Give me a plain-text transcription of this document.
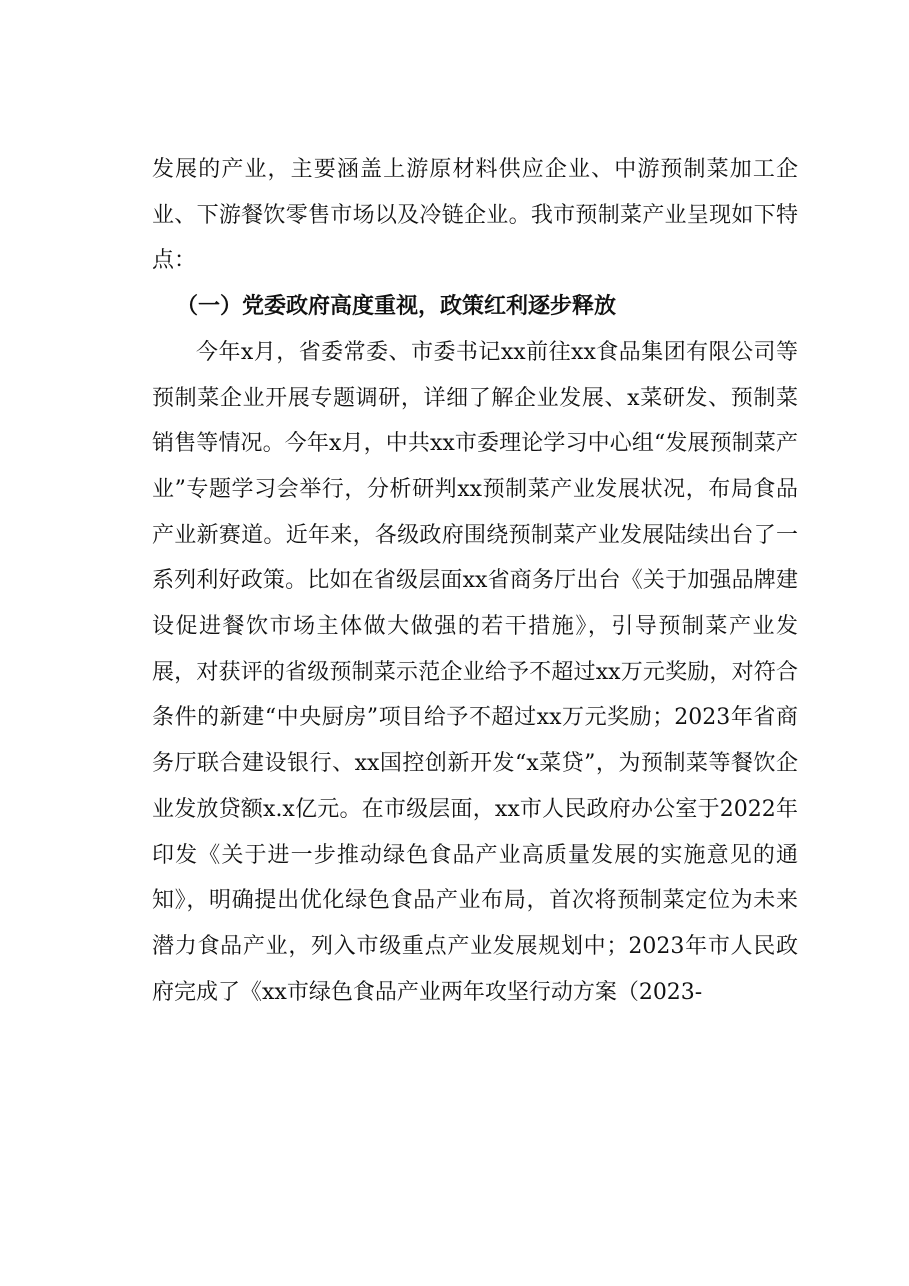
发展的产业，主要涵盖上游原材料供应企业、中游预制菜加工企业、下游餐饮零售市场以及冷链企业。我市预制菜产业呈现如下特点：

（一）党委政府高度重视，政策红利逐步释放

今年x月，省委常委、市委书记xx前往xx食品集团有限公司等预制菜企业开展专题调研，详细了解企业发展、x菜研发、预制菜销售等情况。今年x月，中共xx市委理论学习中心组“发展预制菜产业”专题学习会举行，分析研判xx预制菜产业发展状况，布局食品产业新赛道。近年来，各级政府围绕预制菜产业发展陆续出台了一系列利好政策。比如在省级层面xx省商务厅出台《关于加强品牌建设促进餐饮市场主体做大做强的若干措施》，引导预制菜产业发展，对获评的省级预制菜示范企业给予不超过xx万元奖励，对符合条件的新建“中央厨房”项目给予不超过xx万元奖励；2023年省商务厅联合建设银行、xx国控创新开发“x菜贷”，为预制菜等餐饮企业发放贷额x.x亿元。在市级层面，xx市人民政府办公室于2022年印发《关于进一步推动绿色食品产业高质量发展的实施意见的通知》，明确提出优化绿色食品产业布局，首次将预制菜定位为未来潜力食品产业，列入市级重点产业发展规划中；2023年市人民政府完成了《xx市绿色食品产业两年攻坚行动方案（2023-
